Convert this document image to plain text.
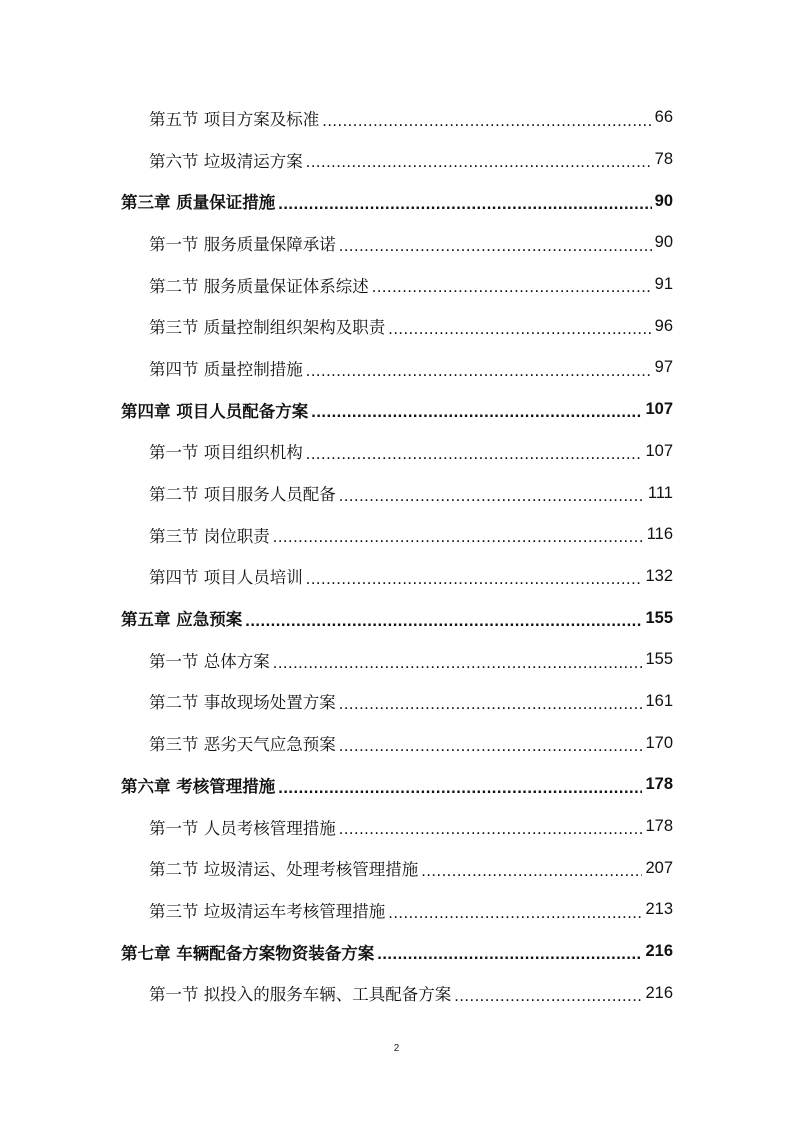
第五节 项目方案及标准 .....	66
第六节 垃圾清运方案 .....	78
第三章 质量保证措施 .....	90
第一节 服务质量保障承诺 .....	90
第二节 服务质量保证体系综述 .....	91
第三节 质量控制组织架构及职责 .....	96
第四节 质量控制措施 .....	97
第四章 项目人员配备方案 .....	107
第一节 项目组织机构 .....	107
第二节 项目服务人员配备 .....	111
第三节 岗位职责 .....	116
第四节 项目人员培训 .....	132
第五章 应急预案 .....	155
第一节 总体方案 .....	155
第二节 事故现场处置方案 .....	161
第三节 恶劣天气应急预案 .....	170
第六章 考核管理措施 .....	178
第一节 人员考核管理措施 .....	178
第二节 垃圾清运、处理考核管理措施 .....	207
第三节 垃圾清运车考核管理措施 .....	213
第七章 车辆配备方案物资装备方案 .....	216
第一节 拟投入的服务车辆、工具配备方案 .....	216
2
